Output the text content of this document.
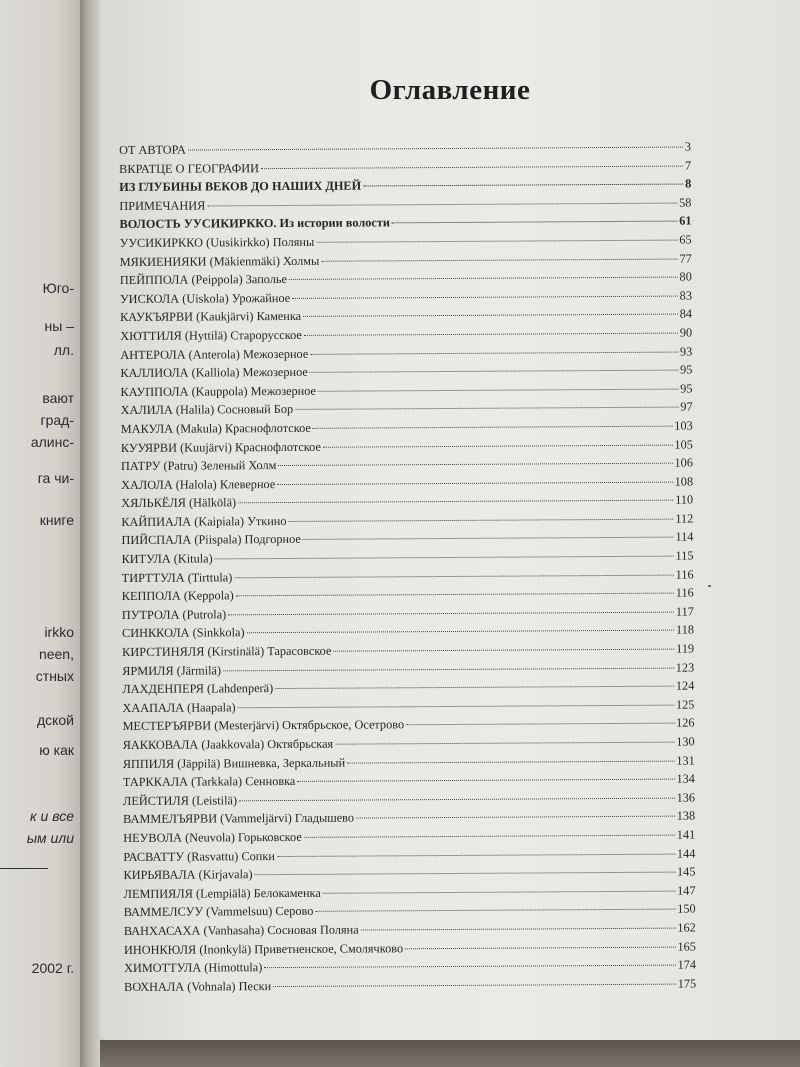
Юго-
ны –
лл.
вают
град-
алинс-
га чи-
книге
irkko
neen,
стных
дской
ю как
к и все
ым или
2002 г.
Оглавление
ОТ АВТОРА	3
ВКРАТЦЕ О ГЕОГРАФИИ	7
ИЗ ГЛУБИНЫ ВЕКОВ ДО НАШИХ ДНЕЙ	8
ПРИМЕЧАНИЯ	58
ВОЛОСТЬ УУСИКИРККО. Из истории волости	61
УУСИКИРККО (Uusikirkko) Поляны	65
МЯКИЕНИЯКИ (Mäkienmäki) Холмы	77
ПЕЙППОЛА (Peippola) Заполье	80
УИСКОЛА (Uiskola) Урожайное	83
КАУКЪЯРВИ (Kaukjärvi) Каменка	84
ХЮТТИЛЯ (Hyttilä) Старорусское	90
АНТЕРОЛА (Anterola) Межозерное	93
КАЛЛИОЛА (Kalliola) Межозерное	95
КАУППОЛА (Kauppola) Межозерное	95
ХАЛИЛА (Halila) Сосновый Бор	97
МАКУЛА (Makula) Краснофлотское	103
КУУЯРВИ (Kuujärvi) Краснофлотское	105
ПАТРУ (Patru) Зеленый Холм	106
ХАЛОЛА (Halola) Клеверное	108
ХЯЛЬКЁЛЯ (Hälkölä)	110
КАЙПИАЛА (Kaipiala) Уткино	112
ПИЙСПАЛА (Piispala) Подгорное	114
КИТУЛА (Kitula)	115
ТИРТТУЛА (Tirttula)	116
КЕППОЛА (Keppola)	116
ПУТРОЛА (Putrola)	117
СИНККОЛА (Sinkkola)	118
КИРСТИНЯЛЯ (Kirstinälä) Тарасовское	119
ЯРМИЛЯ (Järmilä)	123
ЛАХДЕНПЕРЯ (Lahdenperä)	124
ХААПАЛА (Haapala)	125
МЕСТЕРЪЯРВИ (Mesterjärvi) Октябрьское, Осетрово	126
ЯАККОВАЛА (Jaakkovala) Октябрьская	130
ЯППИЛЯ (Jäppilä) Вишневка, Зеркальный	131
ТАРККАЛА (Tarkkala) Сенновка	134
ЛЕЙСТИЛЯ (Leistilä)	136
ВАММЕЛЪЯРВИ (Vammeljärvi) Гладышево	138
НЕУВОЛА (Neuvola) Горьковское	141
РАСВАТТУ (Rasvattu) Сопки	144
КИРЬЯВАЛА (Kirjavala)	145
ЛЕМПИЯЛЯ (Lempiälä) Белокаменка	147
ВАММЕЛСУУ (Vammelsuu) Серово	150
ВАНХАСАХА (Vanhasaha) Сосновая Поляна	162
ИНОНКЮЛЯ (Inonkylä) Приветненское, Смолячково	165
ХИМОТТУЛА (Himottula)	174
ВОХНАЛА (Vohnala) Пески	175
